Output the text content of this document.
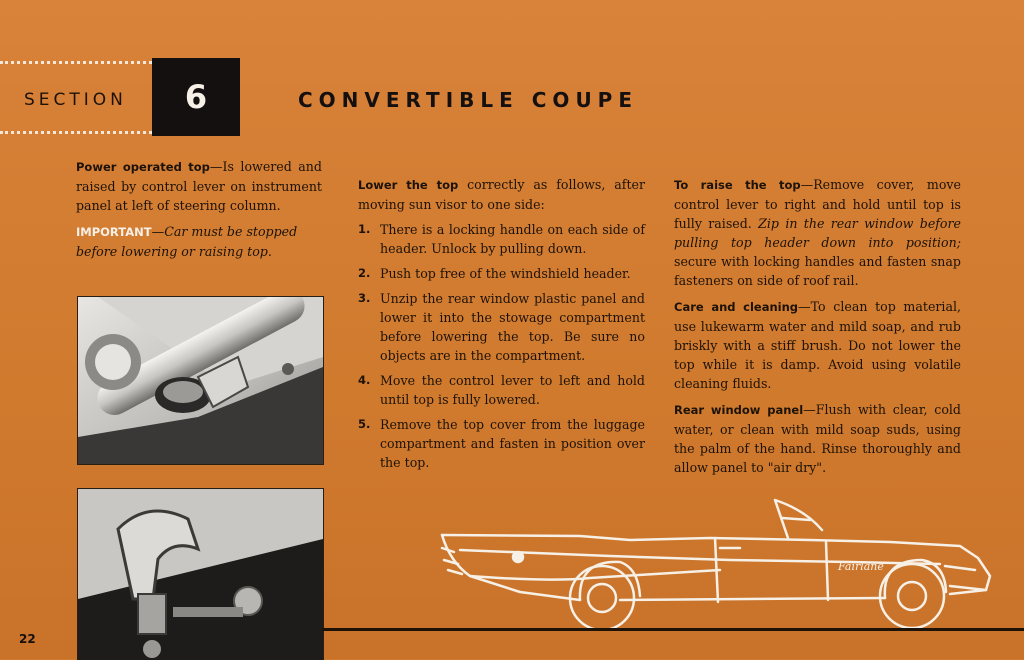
SECTION 6	CONVERTIBLE COUPE

Power operated top—Is lowered and raised by control lever on instrument panel at left of steering column.

IMPORTANT—Car must be stopped before lowering or raising top.

Lower the top correctly as follows, after moving sun visor to one side:

1. There is a locking handle on each side of header. Unlock by pulling down.
2. Push top free of the windshield header.
3. Unzip the rear window plastic panel and lower it into the stowage compartment before lowering the top. Be sure no objects are in the compartment.
4. Move the control lever to left and hold until top is fully lowered.
5. Remove the top cover from the luggage compartment and fasten in position over the top.

To raise the top—Remove cover, move control lever to right and hold until top is fully raised. Zip in the rear window before pulling top header down into position; secure with locking handles and fasten snap fasteners on side of roof rail.

Care and cleaning—To clean top material, use lukewarm water and mild soap, and rub briskly with a stiff brush. Do not lower the top while it is damp. Avoid using volatile cleaning fluids.

Rear window panel—Flush with clear, cold water, or clean with mild soap suds, using the palm of the hand. Rinse thoroughly and allow panel to "air dry".

Fairlane
22
